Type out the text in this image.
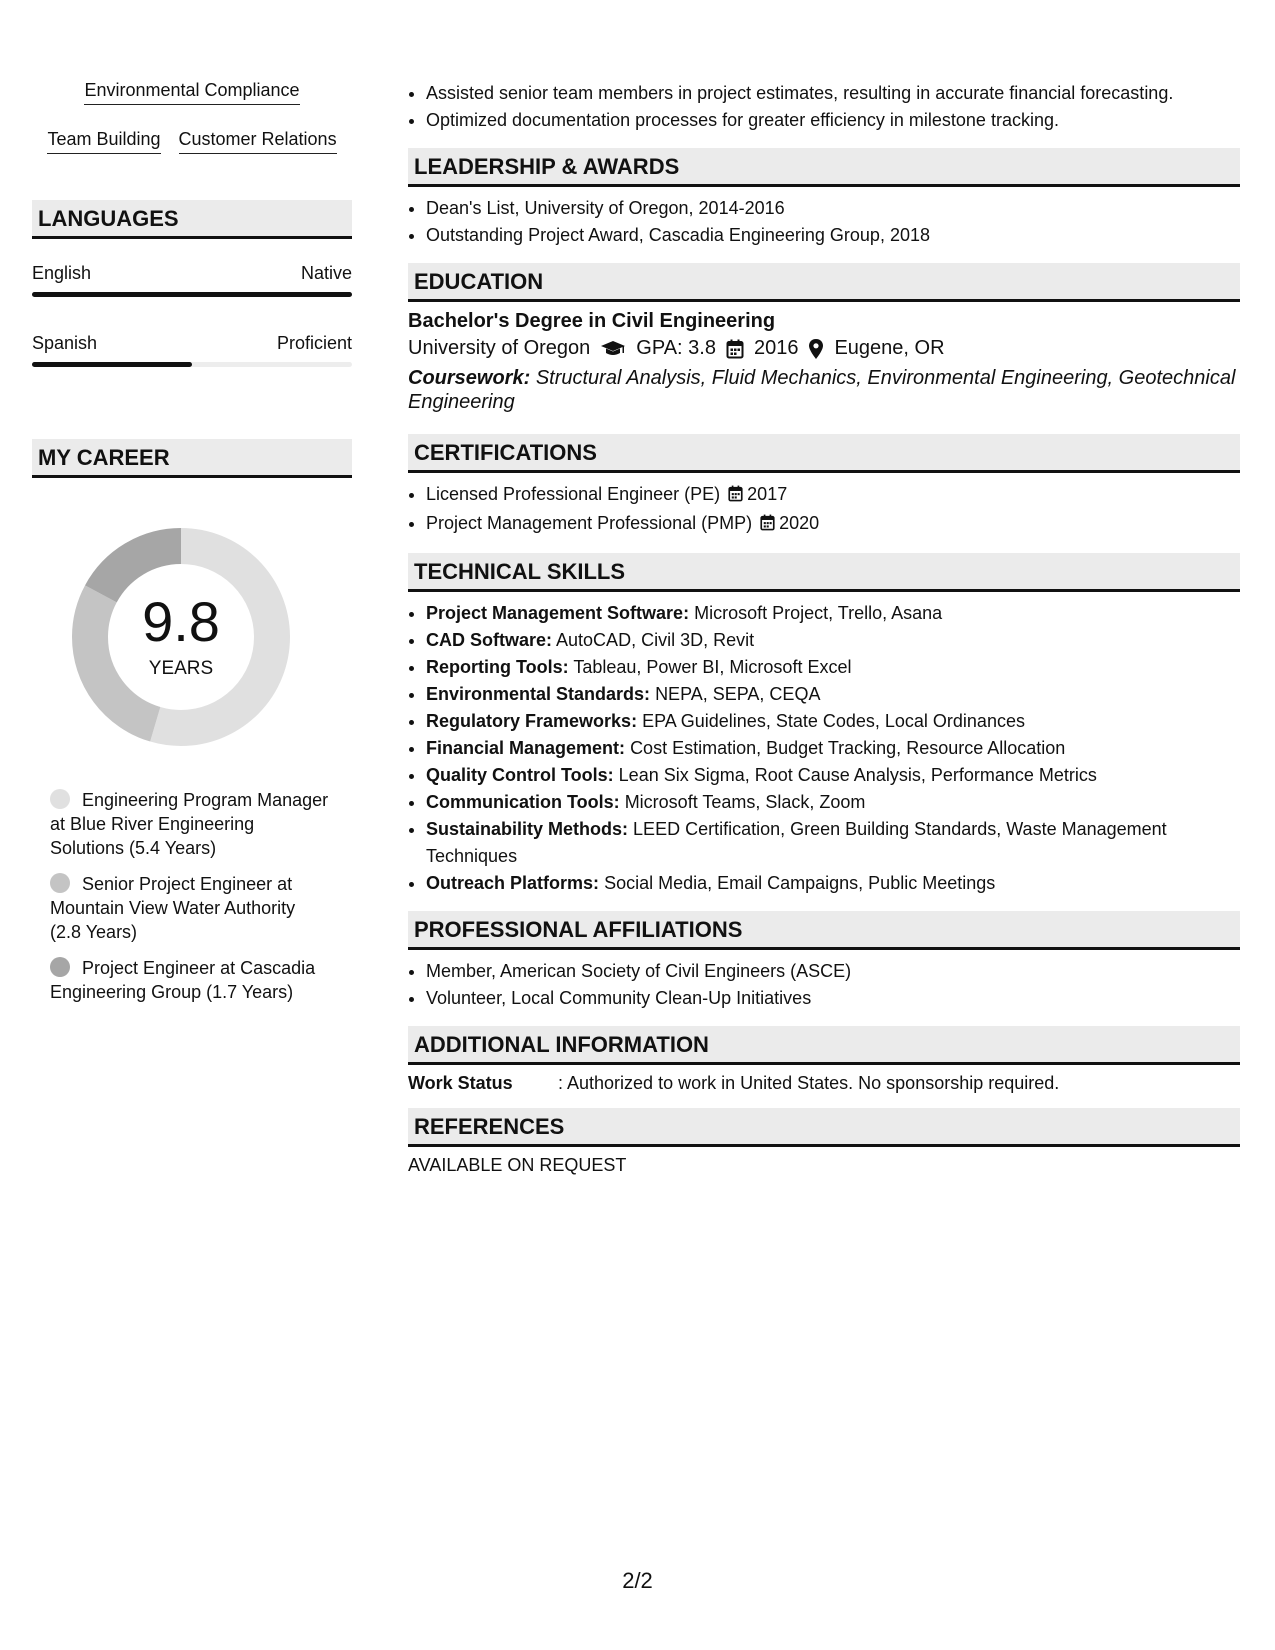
Environmental Compliance
Team Building Customer Relations
LANGUAGES
English	Native
Spanish	Proficient
MY CAREER
9.8
YEARS
Engineering Program Manager at Blue River Engineering Solutions (5.4 Years)
Senior Project Engineer at Mountain View Water Authority (2.8 Years)
Project Engineer at Cascadia Engineering Group (1.7 Years)
• Assisted senior team members in project estimates, resulting in accurate financial forecasting.
• Optimized documentation processes for greater efficiency in milestone tracking.
LEADERSHIP & AWARDS
• Dean's List, University of Oregon, 2014-2016
• Outstanding Project Award, Cascadia Engineering Group, 2018
EDUCATION
Bachelor's Degree in Civil Engineering
University of Oregon GPA: 3.8 2016 Eugene, OR
Coursework: Structural Analysis, Fluid Mechanics, Environmental Engineering, Geotechnical Engineering
CERTIFICATIONS
• Licensed Professional Engineer (PE) 2017
• Project Management Professional (PMP) 2020
TECHNICAL SKILLS
• Project Management Software: Microsoft Project, Trello, Asana
• CAD Software: AutoCAD, Civil 3D, Revit
• Reporting Tools: Tableau, Power BI, Microsoft Excel
• Environmental Standards: NEPA, SEPA, CEQA
• Regulatory Frameworks: EPA Guidelines, State Codes, Local Ordinances
• Financial Management: Cost Estimation, Budget Tracking, Resource Allocation
• Quality Control Tools: Lean Six Sigma, Root Cause Analysis, Performance Metrics
• Communication Tools: Microsoft Teams, Slack, Zoom
• Sustainability Methods: LEED Certification, Green Building Standards, Waste Management Techniques
• Outreach Platforms: Social Media, Email Campaigns, Public Meetings
PROFESSIONAL AFFILIATIONS
• Member, American Society of Civil Engineers (ASCE)
• Volunteer, Local Community Clean-Up Initiatives
ADDITIONAL INFORMATION
Work Status	: Authorized to work in United States. No sponsorship required.
REFERENCES
AVAILABLE ON REQUEST
2/2
